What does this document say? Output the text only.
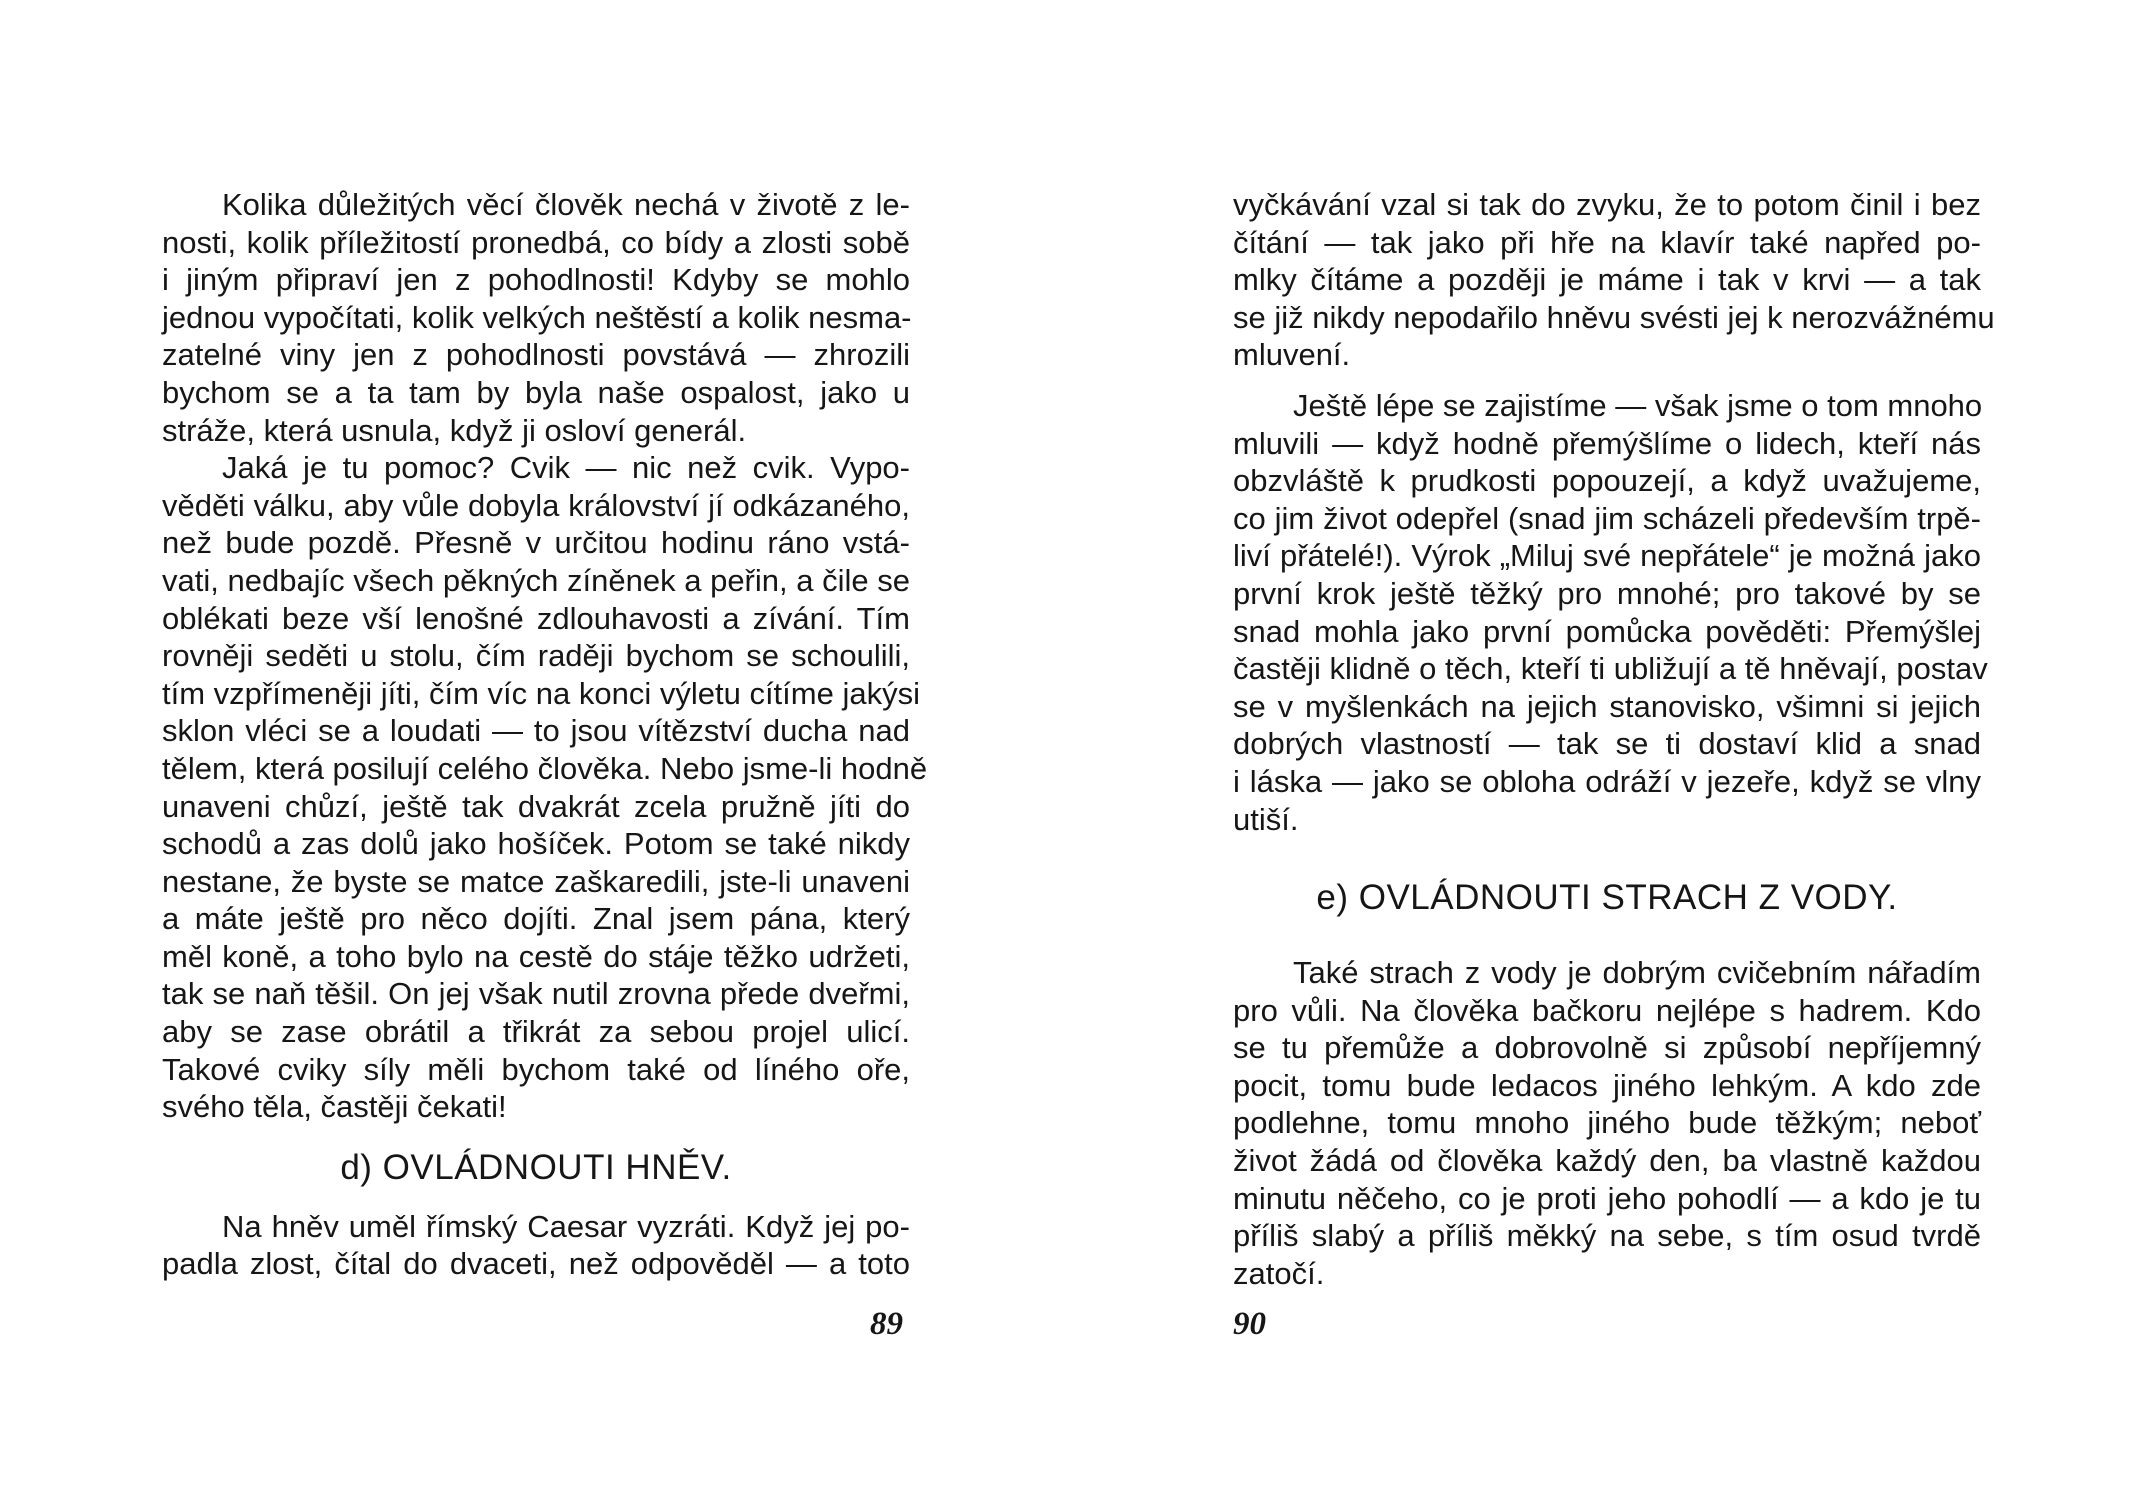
Kolika důležitých věcí člověk nechá v životě z le-
nosti, kolik příležitostí pronedbá, co bídy a zlosti sobě
i jiným připraví jen z pohodlnosti! Kdyby se mohlo
jednou vypočítati, kolik velkých neštěstí a kolik nesma-
zatelné viny jen z pohodlnosti povstává — zhrozili
bychom se a ta tam by byla naše ospalost, jako u
stráže, která usnula, když ji osloví generál.
Jaká je tu pomoc? Cvik — nic než cvik. Vypo-
věděti válku, aby vůle dobyla království jí odkázaného,
než bude pozdě. Přesně v určitou hodinu ráno vstá-
vati, nedbajíc všech pěkných zíněnek a peřin, a čile se
oblékati beze vší lenošné zdlouhavosti a zívání. Tím
rovněji seděti u stolu, čím raději bychom se schoulili,
tím vzpřímeněji jíti, čím víc na konci výletu cítíme jakýsi
sklon vléci se a loudati — to jsou vítězství ducha nad
tělem, která posilují celého člověka. Nebo jsme-li hodně
unaveni chůzí, ještě tak dvakrát zcela pružně jíti do
schodů a zas dolů jako hošíček. Potom se také nikdy
nestane, že byste se matce zaškaredili, jste-li unaveni
a máte ještě pro něco dojíti. Znal jsem pána, který
měl koně, a toho bylo na cestě do stáje těžko udržeti,
tak se naň těšil. On jej však nutil zrovna přede dveřmi,
aby se zase obrátil a třikrát za sebou projel ulicí.
Takové cviky síly měli bychom také od líného oře,
svého těla, častěji čekati!
d) OVLÁDNOUTI HNĚV.
Na hněv uměl římský Caesar vyzráti. Když jej po-
padla zlost, čítal do dvaceti, než odpověděl — a toto
vyčkávání vzal si tak do zvyku, že to potom činil i bez
čítání — tak jako při hře na klavír také napřed po-
mlky čítáme a později je máme i tak v krvi — a tak
se již nikdy nepodařilo hněvu svésti jej k nerozvážnému
mluvení.
Ještě lépe se zajistíme — však jsme o tom mnoho
mluvili — když hodně přemýšlíme o lidech, kteří nás
obzvláště k prudkosti popouzejí, a když uvažujeme,
co jim život odepřel (snad jim scházeli především trpě-
liví přátelé!). Výrok „Miluj své nepřátele“ je možná jako
první krok ještě těžký pro mnohé; pro takové by se
snad mohla jako první pomůcka pověděti: Přemýšlej
častěji klidně o těch, kteří ti ubližují a tě hněvají, postav
se v myšlenkách na jejich stanovisko, všimni si jejich
dobrých vlastností — tak se ti dostaví klid a snad
i láska — jako se obloha odráží v jezeře, když se vlny
utiší.
e) OVLÁDNOUTI STRACH Z VODY.
Také strach z vody je dobrým cvičebním nářadím
pro vůli. Na člověka bačkoru nejlépe s hadrem. Kdo
se tu přemůže a dobrovolně si způsobí nepříjemný
pocit, tomu bude ledacos jiného lehkým. A kdo zde
podlehne, tomu mnoho jiného bude těžkým; neboť
život žádá od člověka každý den, ba vlastně každou
minutu něčeho, co je proti jeho pohodlí — a kdo je tu
příliš slabý a příliš měkký na sebe, s tím osud tvrdě
zatočí.
89	90
